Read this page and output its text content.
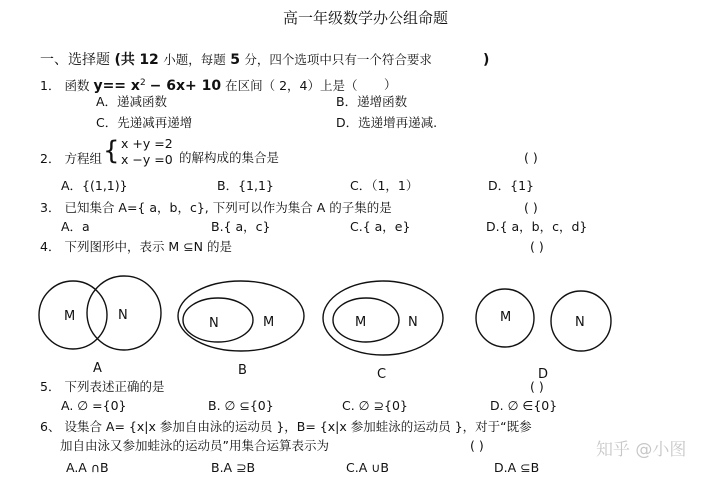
高一年级数学办公组命题
一、选择题 (共 12 小题，每题 5 分，四个选项中只有一个符合要求	)
1． 函数 $y== x^2 - 6x+ 10$ 在区间（ 2，4）上是（ ）
A．递减函数	B．递增函数
C．先递减再递增	D．选递增再递减.
2． 方程组 { x +y =2
x −y =0 的解构成的集合是	( )
A．{(1,1)}	B．{1,1}	C．（1，1）	D．{1}
3． 已知集合 A={ a，b，c}, 下列可以作为集合 A 的子集的是	( )
A．a	B.{ a，c}	C.{ a，e}	D.{ a，b，c，d}
4． 下列图形中，表示 M ⊆N 的是	( )
M	N
A
N	M
B
M	N
C
M	N
D
5． 下列表述正确的是	( )
A. ∅ ={0}	B. ∅ ⊆{0}	C. ∅ ⊇{0}	D. ∅ ∈{0}
6、 设集合 A= {x|x 参加自由泳的运动员 }，B= {x|x 参加蛙泳的运动员 }，对于“既参
加自由泳又参加蛙泳的运动员”用集合运算表示为	( )
A.A ∩B	B.A ⊇B	C.A ∪B	D.A ⊆B
知乎 @小图
